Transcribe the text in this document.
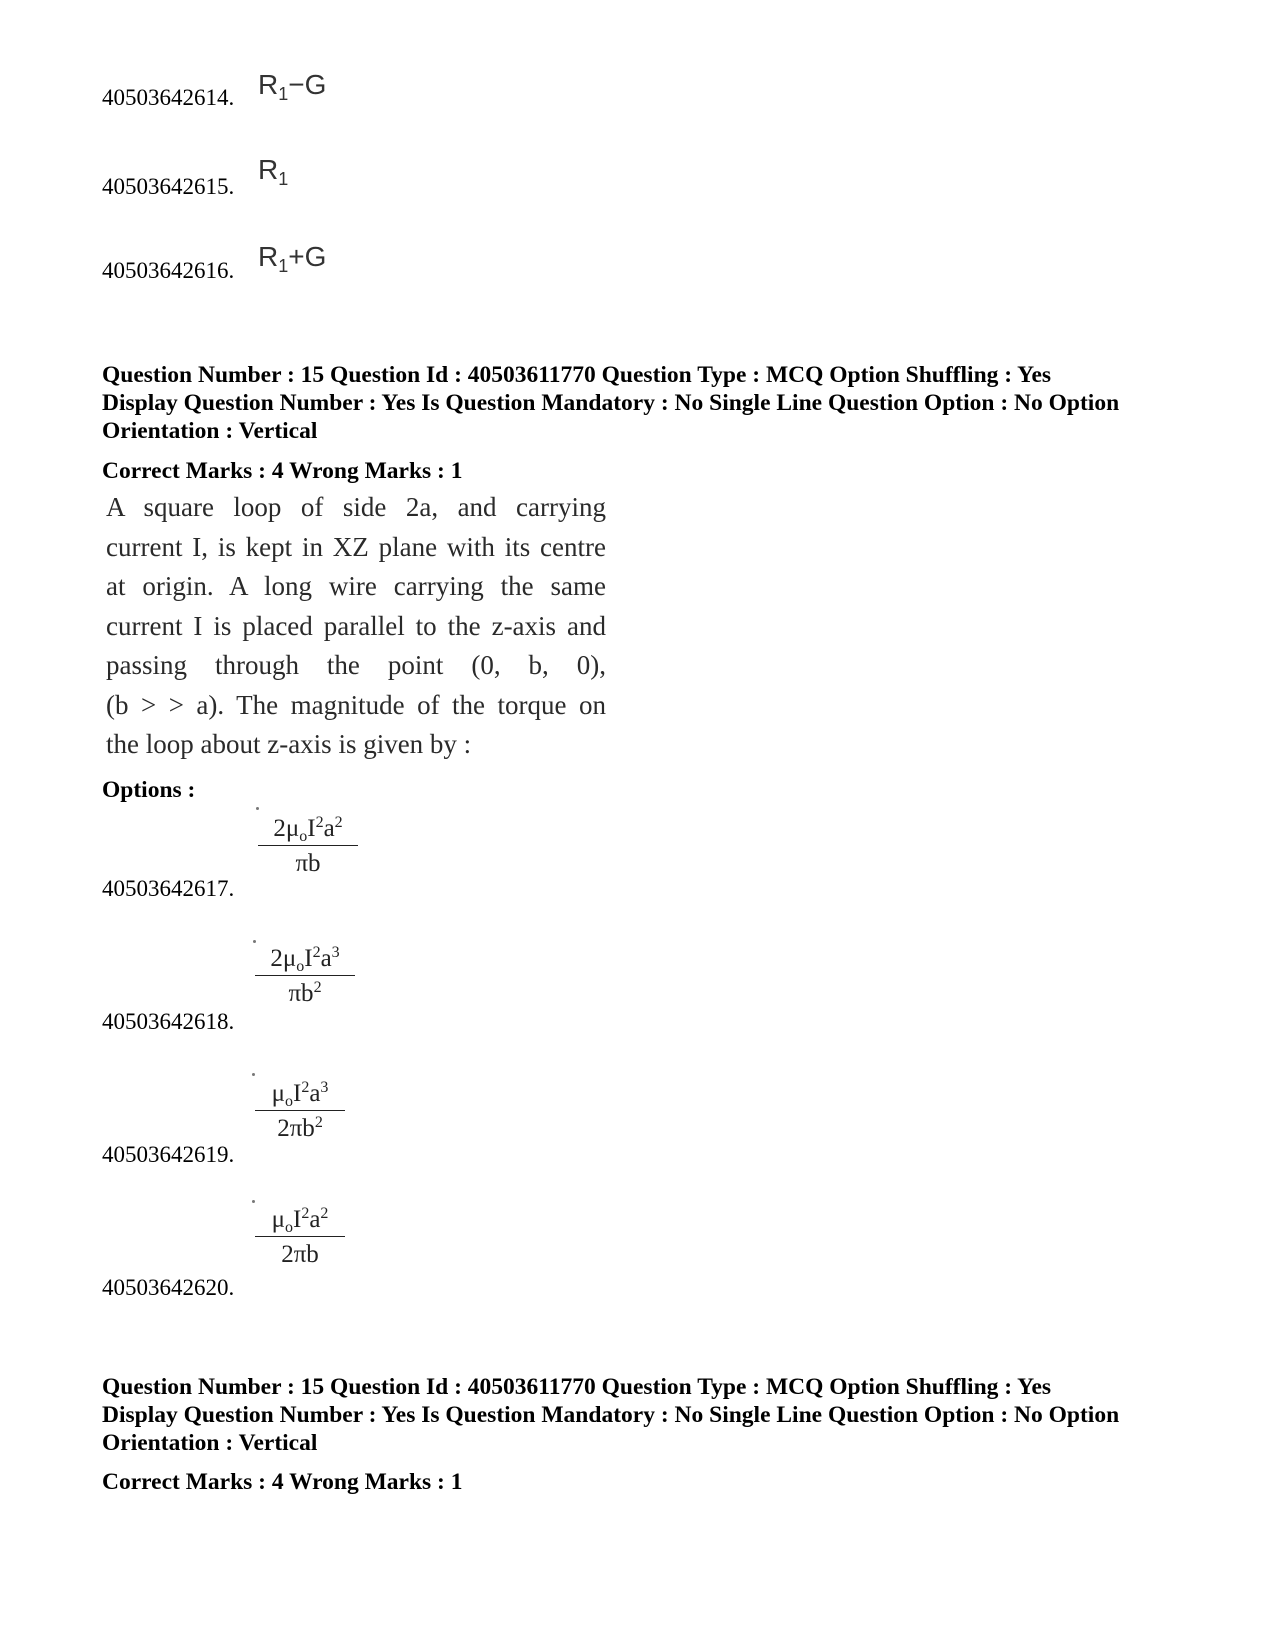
40503642614. $R_1-G$
40503642615.
$R_1$
40503642616. $R_1+G$
Question Number : 15 Question Id : 40503611770 Question Type : MCQ Option Shuffling : Yes
Display Question Number : Yes Is Question Mandatory : No Single Line Question Option : No Option
Orientation : Vertical
Correct Marks : 4 Wrong Marks : 1
A square loop of side 2a, and carrying
current I, is kept in XZ plane with its centre
at origin. A long wire carrying the same
current I is placed parallel to the z-axis and
passing through the point (0, b, 0),
(b > > a). The magnitude of the torque on
the loop about z-axis is given by :
Options :
$2\mu_oI^2a^2$
πb
40503642617.
$2\mu_oI^2a^3$
$\pi b^2$
40503642618.
$\mu_oI^2a^3$
$2\pi b^2$
40503642619.
$\mu_oI^2a^2$
2πb
40503642620.
Question Number : 15 Question Id : 40503611770 Question Type : MCQ Option Shuffling : Yes
Display Question Number : Yes Is Question Mandatory : No Single Line Question Option : No Option
Orientation : Vertical
Correct Marks : 4 Wrong Marks : 1
